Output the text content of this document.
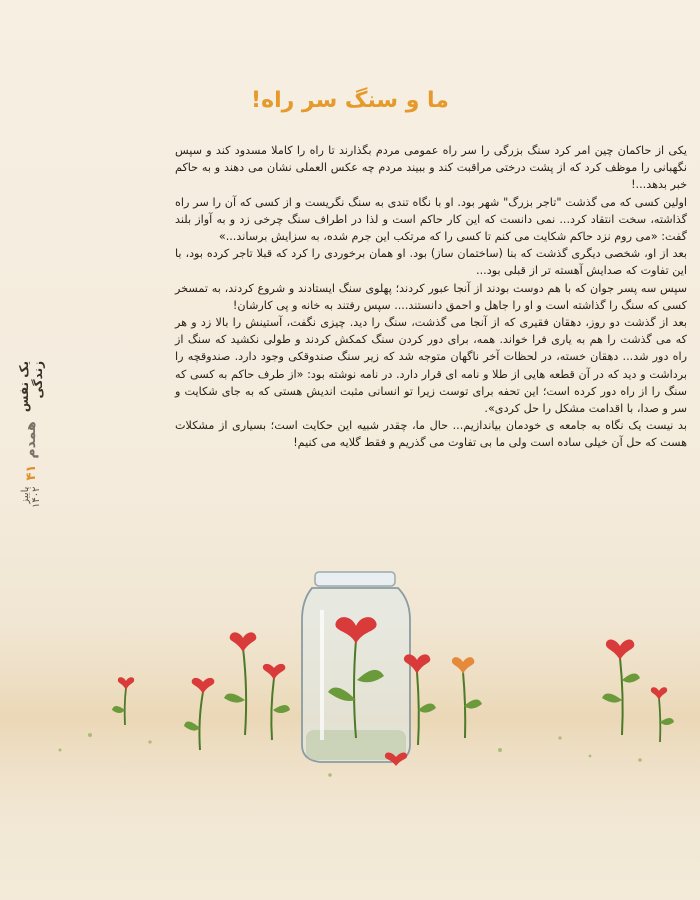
ما و سنگ سر راه!

یکی از حاکمان چین امر کرد سنگ بزرگی را سر راه عمومی مردم بگذارند تا راه را کاملا مسدود کند و سپس نگهبانی را موظف کرد که از پشت درختی مراقبت کند و ببیند مردم چه عکس العملی نشان می دهند و به حاکم خبر بدهد...!

اولین کسی که می گذشت "تاجر بزرگ" شهر بود. او با نگاه تندی به سنگ نگریست و از کسی که آن را سر راه گذاشته، سخت انتقاد کرد... نمی دانست که این کار حاکم است و لذا در اطراف سنگ چرخی زد و به آواز بلند گفت: «می روم نزد حاکم شکایت می کنم تا کسی را که مرتکب این جرم شده، به سزایش برساند...»

بعد از او، شخصی دیگری گذشت که بنا (ساختمان ساز) بود. او همان برخوردی را کرد که قبلا تاجر کرده بود، با این تفاوت که صدایش آهسته تر از قبلی بود...

سپس سه پسر جوان که با هم دوست بودند از آنجا عبور کردند؛ پهلوی سنگ ایستادند و شروع کردند، به تمسخر کسی که سنگ را گذاشته است و او را جاهل و احمق دانستند.... سپس رفتند به خانه و پی کارشان!

بعد از گذشت دو روز، دهقان فقیری که از آنجا می گذشت، سنگ را دید. چیزی نگفت، آستینش را بالا زد و هر که می گذشت را هم به یاری فرا خواند. همه، برای دور کردن سنگ کمکش کردند و طولی نکشید که سنگ از راه دور شد... دهقان خسته، در لحظات آخر ناگهان متوجه شد که زیر سنگ صندوقکی وجود دارد. صندوقچه را برداشت و دید که در آن قطعه هایی از طلا و نامه ای قرار دارد. در نامه نوشته بود: «از طرف حاکم به کسی که سنگ را از راه دور کرده است؛ این تحفه برای توست زیرا تو انسانی مثبت اندیش هستی که به جای شکایت و سر و صدا، با اقدامت مشکل را حل کردی».

بد نیست یک نگاه به جامعه ی خودمان بیاندازیم... حال ما، چقدر شبیه این حکایت است؛ بسیاری از مشکلات هست که حل آن خیلی ساده است ولی ما بی تفاوت می گذریم و فقط گلایه می کنیم!

یک نفس زندگی
همدم
۴۱
پاییز ۱۴۰۲
